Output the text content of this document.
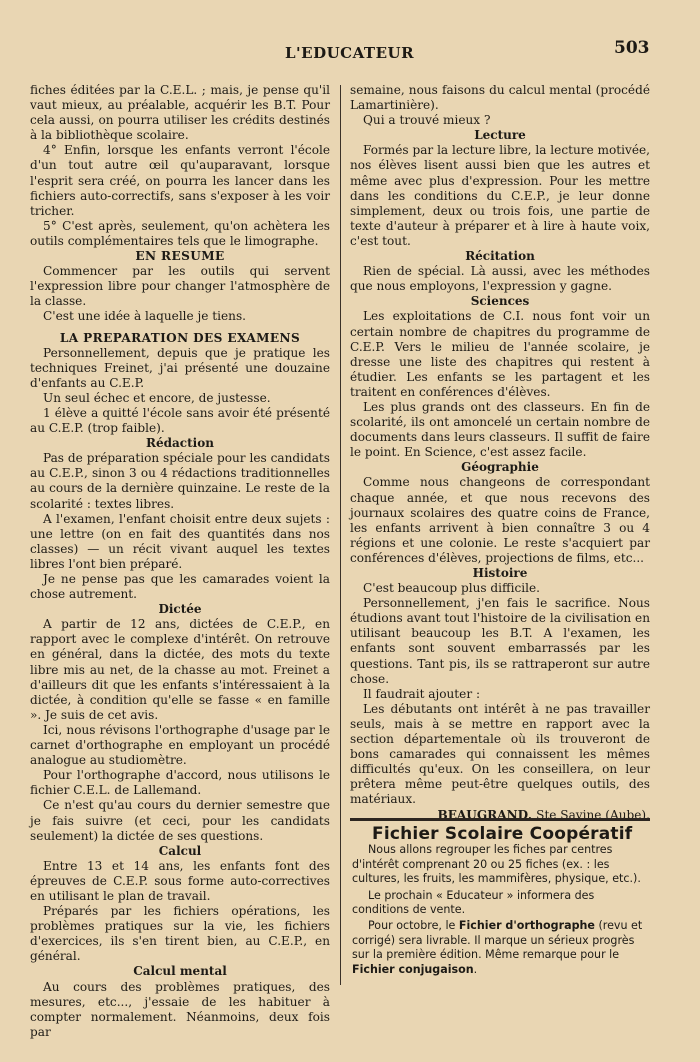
L'EDUCATEUR	503

fiches éditées par la C.E.L. ; mais, je pense qu'il vaut mieux, au préalable, acquérir les B.T. Pour cela aussi, on pourra utiliser les crédits destinés à la bibliothèque scolaire.

4° Enfin, lorsque les enfants verront l'école d'un tout autre œil qu'auparavant, lorsque l'esprit sera créé, on pourra les lancer dans les fichiers auto-correctifs, sans s'exposer à les voir tricher.

5° C'est après, seulement, qu'on achètera les outils complémentaires tels que le limographe.

EN RESUME

Commencer par les outils qui servent l'expression libre pour changer l'atmosphère de la classe.

C'est une idée à laquelle je tiens.

LA PREPARATION DES EXAMENS

Personnellement, depuis que je pratique les techniques Freinet, j'ai présenté une douzaine d'enfants au C.E.P.

Un seul échec et encore, de justesse.

1 élève a quitté l'école sans avoir été présenté au C.E.P. (trop faible).

Rédaction

Pas de préparation spéciale pour les candidats au C.E.P., sinon 3 ou 4 rédactions traditionnelles au cours de la dernière quinzaine. Le reste de la scolarité : textes libres.

A l'examen, l'enfant choisit entre deux sujets : une lettre (on en fait des quantités dans nos classes) — un récit vivant auquel les textes libres l'ont bien préparé.

Je ne pense pas que les camarades voient la chose autrement.

Dictée

A partir de 12 ans, dictées de C.E.P., en rapport avec le complexe d'intérêt. On retrouve en général, dans la dictée, des mots du texte libre mis au net, de la chasse au mot. Freinet a d'ailleurs dit que les enfants s'intéressaient à la dictée, à condition qu'elle se fasse « en famille ». Je suis de cet avis.

Ici, nous révisons l'orthographe d'usage par le carnet d'orthographe en employant un procédé analogue au studiomètre.

Pour l'orthographe d'accord, nous utilisons le fichier C.E.L. de Lallemand.

Ce n'est qu'au cours du dernier semestre que je fais suivre (et ceci, pour les candidats seulement) la dictée de ses questions.

Calcul

Entre 13 et 14 ans, les enfants font des épreuves de C.E.P. sous forme auto-correctives en utilisant le plan de travail.

Préparés par les fichiers opérations, les problèmes pratiques sur la vie, les fichiers d'exercices, ils s'en tirent bien, au C.E.P., en général.

Calcul mental

Au cours des problèmes pratiques, des mesures, etc..., j'essaie de les habituer à compter normalement. Néanmoins, deux fois par

semaine, nous faisons du calcul mental (procédé Lamartinière).

Qui a trouvé mieux ?

Lecture

Formés par la lecture libre, la lecture motivée, nos élèves lisent aussi bien que les autres et même avec plus d'expression. Pour les mettre dans les conditions du C.E.P., je leur donne simplement, deux ou trois fois, une partie de texte d'auteur à préparer et à lire à haute voix, c'est tout.

Récitation

Rien de spécial. Là aussi, avec les méthodes que nous employons, l'expression y gagne.

Sciences

Les exploitations de C.I. nous font voir un certain nombre de chapitres du programme de C.E.P. Vers le milieu de l'année scolaire, je dresse une liste des chapitres qui restent à étudier. Les enfants se les partagent et les traitent en conférences d'élèves.

Les plus grands ont des classeurs. En fin de scolarité, ils ont amoncelé un certain nombre de documents dans leurs classeurs. Il suffit de faire le point. En Science, c'est assez facile.

Géographie

Comme nous changeons de correspondant chaque année, et que nous recevons des journaux scolaires des quatre coins de France, les enfants arrivent à bien connaître 3 ou 4 régions et une colonie. Le reste s'acquiert par conférences d'élèves, projections de films, etc...

Histoire

C'est beaucoup plus difficile.

Personnellement, j'en fais le sacrifice. Nous étudions avant tout l'histoire de la civilisation en utilisant beaucoup les B.T. A l'examen, les enfants sont souvent embarrassés par les questions. Tant pis, ils se rattraperont sur autre chose.

Il faudrait ajouter :

Les débutants ont intérêt à ne pas travailler seuls, mais à se mettre en rapport avec la section départementale où ils trouveront de bons camarades qui connaissent les mêmes difficultés qu'eux. On les conseillera, on leur prêtera même peut-être quelques outils, des matériaux.

BEAUGRAND, Ste Savine (Aube).

Fichier Scolaire Coopératif

Nous allons regrouper les fiches par centres d'intérêt comprenant 20 ou 25 fiches (ex. : les cultures, les fruits, les mammifères, physique, etc.).

Le prochain « Educateur » informera des conditions de vente.

Pour octobre, le Fichier d'orthographe (revu et corrigé) sera livrable. Il marque un sérieux progrès sur la première édition. Même remarque pour le Fichier conjugaison.
